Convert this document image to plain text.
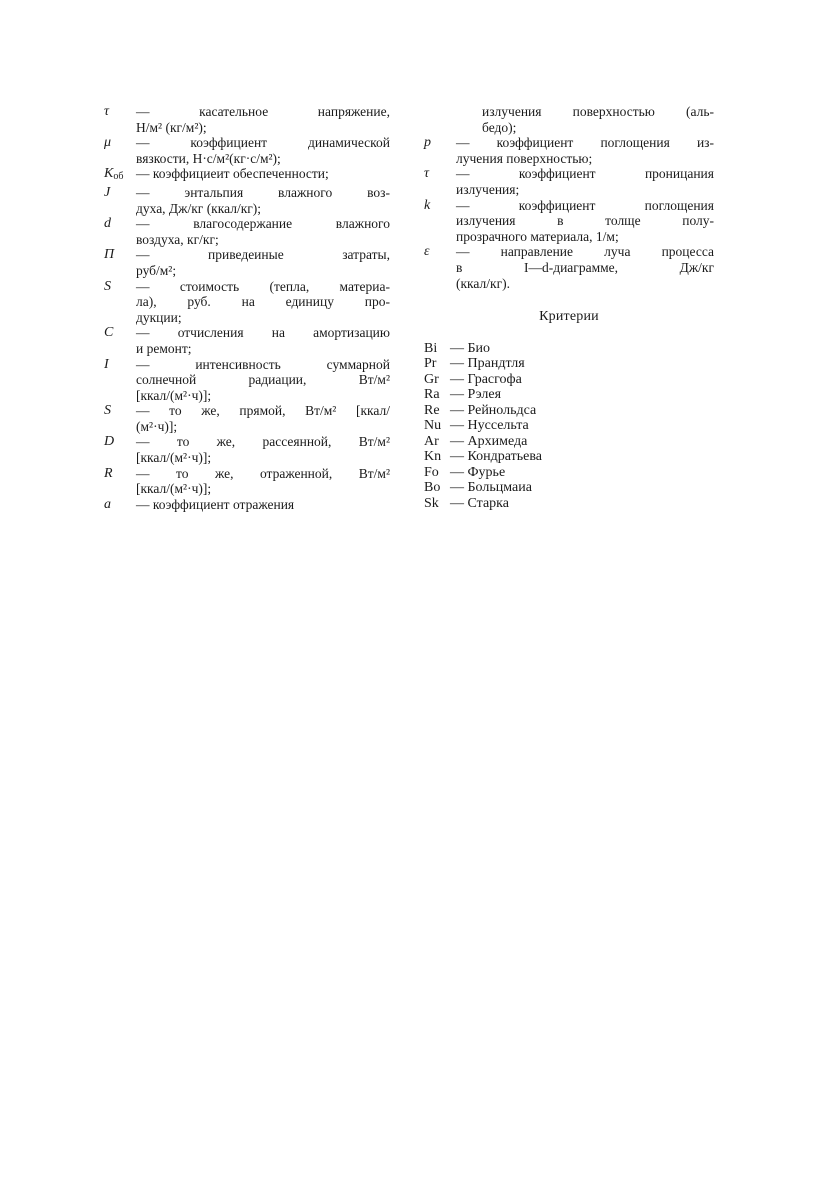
τ	— касательное напряжение,
Н/м² (кг/м²);
μ	— коэффициент динамической
вязкости, Н·с/м²(кг·с/м²);
$K_{об}$ — коэффициеит обеспеченности;
J	— энтальпия влажного воз-
духа, Дж/кг (ккал/кг);
d	— влагосодержание влажного
воздуха, кг/кг;
П	— приведеиные затраты,
руб/м²;
S	— стоимость (тепла, материа-
ла), руб. на единицу про-
дукции;
C	— отчисления на амортизацию
и ремонт;
I	— интенсивность суммарной
солнечной радиации, Вт/м²
[ккал/(м²·ч)];
S	— то же, прямой, Вт/м² [ккал/
(м²·ч)];
D	— то же, рассеянной, Вт/м²
[ккал/(м²·ч)];
R	— то же, отраженной, Вт/м²
[ккал/(м²·ч)];
a	— коэффициент отражения
излучения поверхностью (аль-
бедо);
p	— коэффициент поглощения из-
лучения поверхностью;
τ	— коэффициент проницания
излучения;
k	— коэффициент поглощения
излучения в толще полу-
прозрачного материала, 1/м;
ε	— направление луча процесса
в I—d-диаграмме, Дж/кг
(ккал/кг).
Критерии
Bi — Био
Pr — Прандтля
Gr — Грасгофа
Ra — Рэлея
Re — Рейнольдса
Nu — Нуссельта
Ar — Архимеда
Kn — Кондратьева
Fo — Фурье
Bo — Больцмаиа
Sk — Старка
